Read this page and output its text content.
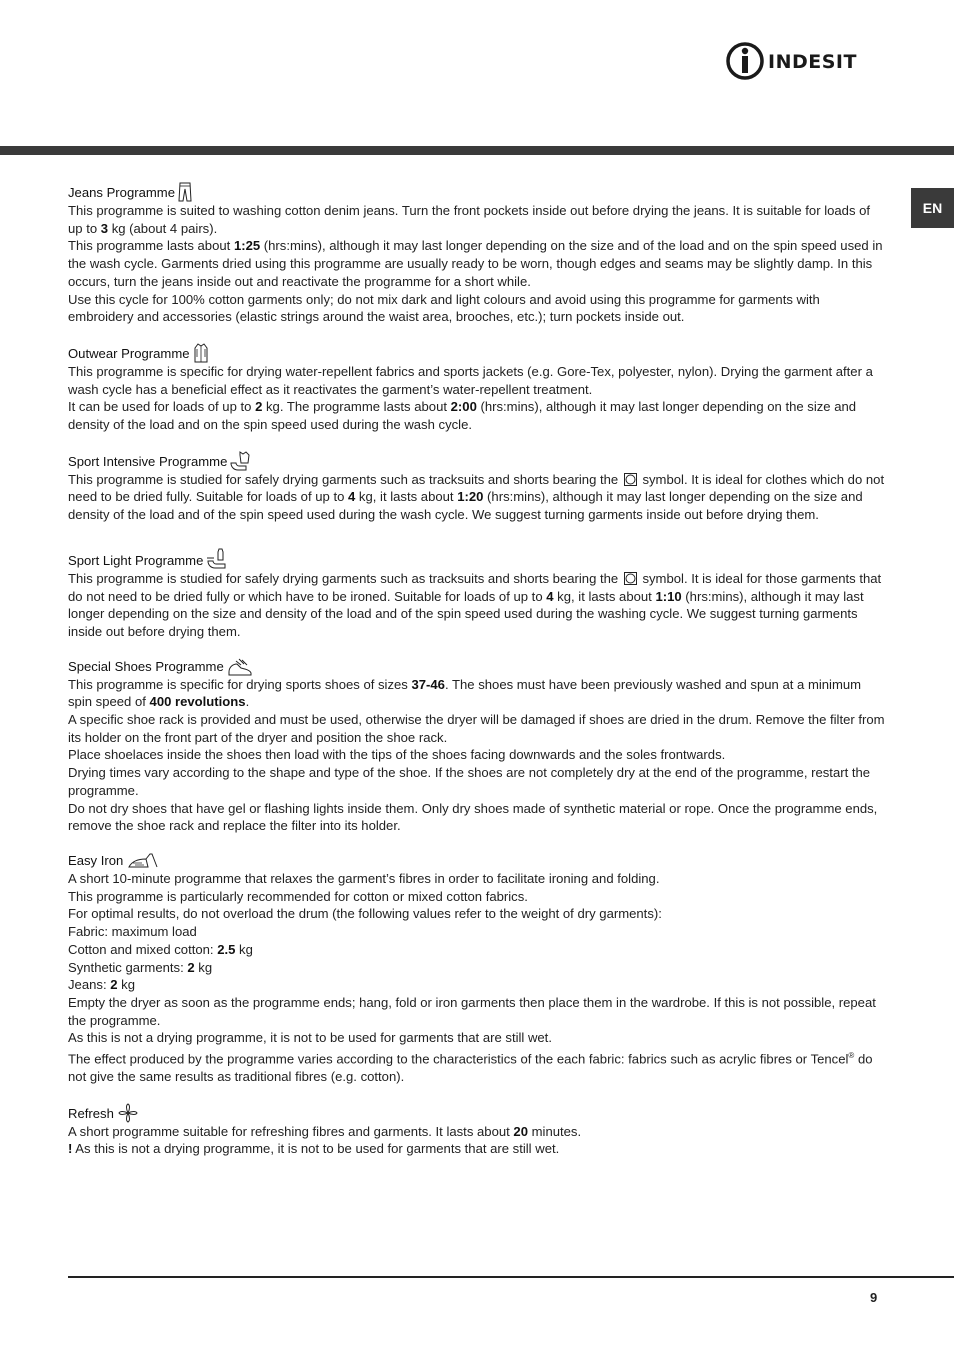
indesit
EN
Jeans Programme

This programme is suited to washing cotton denim jeans. Turn the front pockets inside out before drying the jeans. It is suitable for loads of up to 3 kg (about 4 pairs).

This programme lasts about 1:25 (hrs:mins), although it may last longer depending on the size and of the load and on the spin speed used in the wash cycle. Garments dried using this programme are usually ready to be worn, though edges and seams may be slightly damp. In this occurs, turn the jeans inside out and reactivate the programme for a short while.

Use this cycle for 100% cotton garments only; do not mix dark and light colours and avoid using this programme for garments with embroidery and accessories (elastic strings around the waist area, brooches, etc.); turn pockets inside out.

Outwear Programme

This programme is specific for drying water-repellent fabrics and sports jackets (e.g. Gore-Tex, polyester, nylon). Drying the garment after a wash cycle has a beneficial effect as it reactivates the garment’s water-repellent treatment.

It can be used for loads of up to 2 kg. The programme lasts about 2:00 (hrs:mins), although it may last longer depending on the size and density of the load and on the spin speed used during the wash cycle.

Sport Intensive Programme

This programme is studied for safely drying garments such as tracksuits and shorts bearing the  symbol. It is ideal for clothes which do not need to be dried fully. Suitable for loads of up to 4 kg, it lasts about 1:20 (hrs:mins), although it may last longer depending on the size and density of the load and of the spin speed used during the wash cycle. We suggest turning garments inside out before drying them.

Sport Light Programme

This programme is studied for safely drying garments such as tracksuits and shorts bearing the  symbol. It is ideal for those garments that do not need to be dried fully or which have to be ironed. Suitable for loads of up to 4 kg, it lasts about 1:10 (hrs:mins), although it may last longer depending on the size and density of the load and of the spin speed used during the washing cycle. We suggest turning garments inside out before drying them.

Special Shoes Programme

This programme is specific for drying sports shoes of sizes 37-46. The shoes must have been previously washed and spun at a minimum spin speed of 400 revolutions.

A specific shoe rack is provided and must be used, otherwise the dryer will be damaged if shoes are dried in the drum. Remove the filter from its holder on the front part of the dryer and position the shoe rack.

Place shoelaces inside the shoes then load with the tips of the shoes facing downwards and the soles frontwards.

Drying times vary according to the shape and type of the shoe. If the shoes are not completely dry at the end of the programme, restart the programme.

Do not dry shoes that have gel or flashing lights inside them. Only dry shoes made of synthetic material or rope. Once the programme ends, remove the shoe rack and replace the filter into its holder.

Easy Iron

A short 10-minute programme that relaxes the garment’s fibres in order to facilitate ironing and folding.

This programme is particularly recommended for cotton or mixed cotton fabrics.

For optimal results, do not overload the drum (the following values refer to the weight of dry garments):

Fabric: maximum load

Cotton and mixed cotton: 2.5 kg

Synthetic garments: 2 kg

Jeans: 2 kg

Empty the dryer as soon as the programme ends; hang, fold or iron garments then place them in the wardrobe. If this is not possible, repeat the programme.

As this is not a drying programme, it is not to be used for garments that are still wet.

The effect produced by the programme varies according to the characteristics of the each fabric: fabrics such as acrylic fibres or Tencel® do not give the same results as traditional fibres (e.g. cotton).

Refresh

A short programme suitable for refreshing fibres and garments. It lasts about 20 minutes.

! As this is not a drying programme, it is not to be used for garments that are still wet.

9
